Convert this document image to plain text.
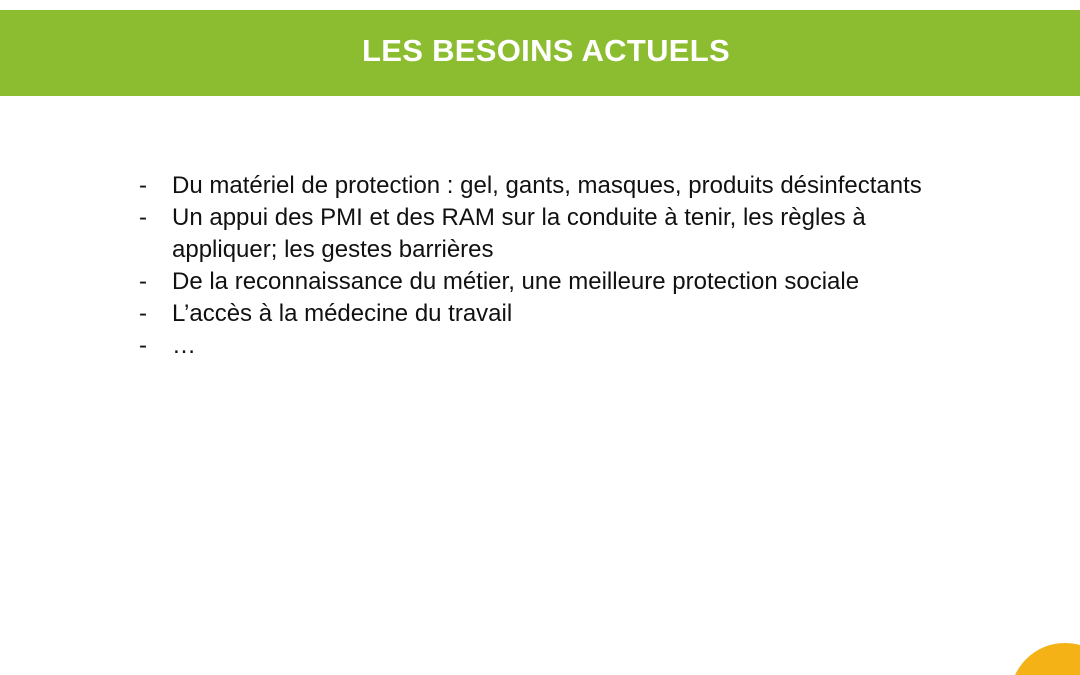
LES BESOINS ACTUELS
- Du matériel de protection : gel, gants, masques, produits désinfectants
- Un appui des PMI et des RAM sur la conduite à tenir, les règles à appliquer; les gestes barrières
- De la reconnaissance du métier, une meilleure protection sociale
- L’accès à la médecine du travail
- …
